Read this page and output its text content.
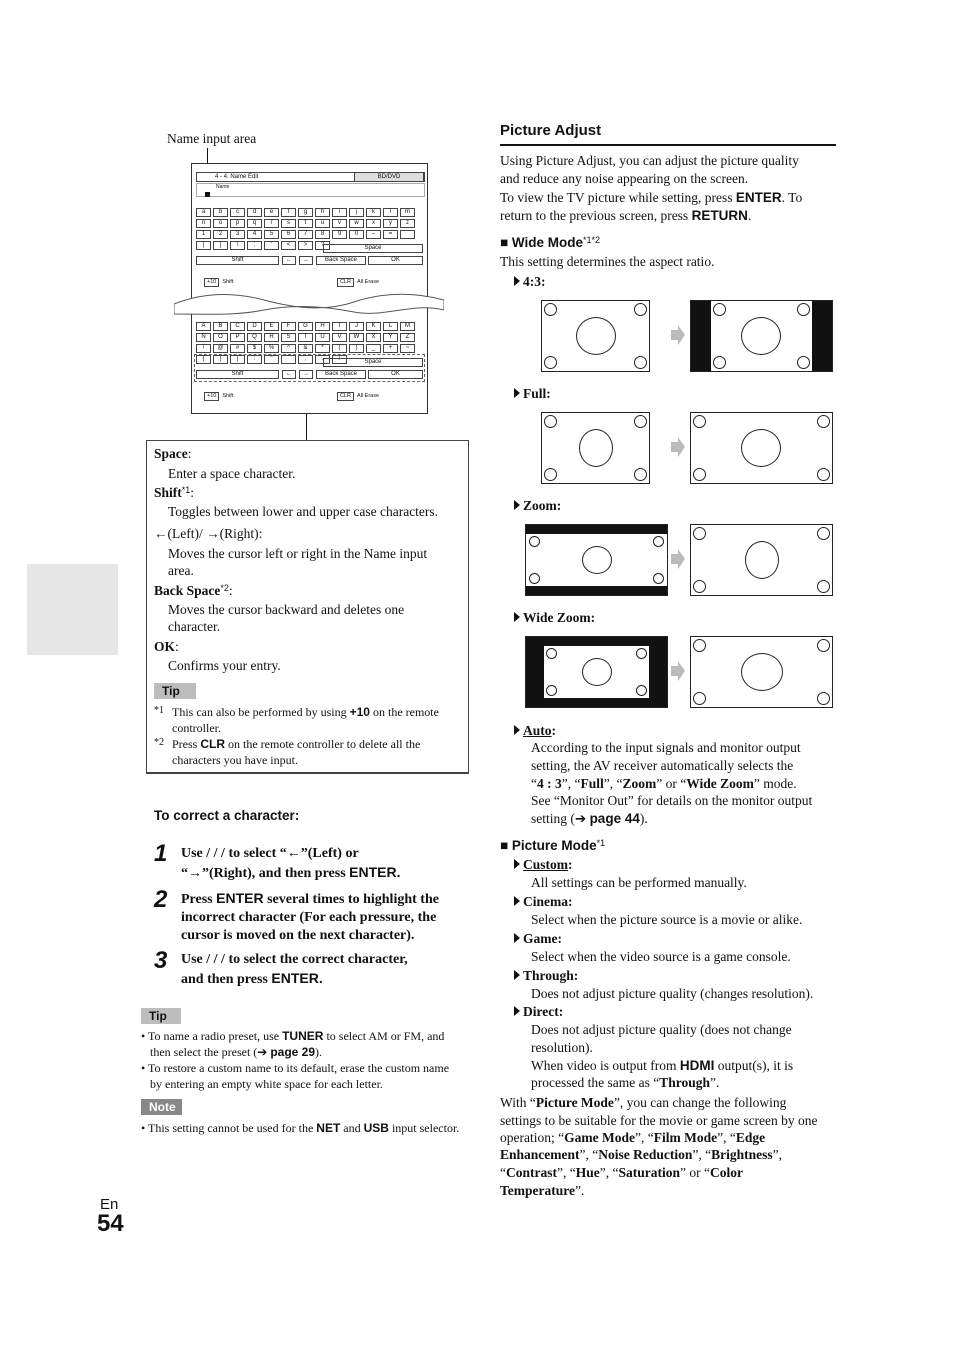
En
54
Name input area
4 - 4. Name Edit	BD/DVD
Name
a	b	c	d	e	f	g	h	i	j	k	l	m
n	o	p	q	r	s	t	u	v	w	x	y	z
1	2	3	4	5	6	7	8	9	0	–	=
[	]	\	;	'	<	>	?	Space
Shift	←	→	Back Space	OK
+10 Shift	CLR All Erase
A	B	C	D	E	F	G	H	I	J	K	L	M
N	O	P	Q	R	S	T	U	V	W	X	Y	Z
!	@	#	$	%	^	&	*	(	)	_	+	~
{	}	|	:	"	`	,	.	/	Space
Shift	←	→	Back Space	OK
+10 Shift	CLR All Erase

Space:

Enter a space character.

Shift$^{*1}$:

Toggles between lower and upper case characters.

←(Left)/ →(Right):

Moves the cursor left or right in the Name input

area.

Back Space$^{*2}$:

Moves the cursor backward and deletes one

character.

OK:

Confirms your entry.

Tip

*1 This can also be performed by using +10 on the remote

controller.

*2 Press CLR on the remote controller to delete all the

characters you have input.

To correct a character:
1 Use / / / to select “←”(Left) or
“→”(Right), and then press ENTER.
2 Press ENTER several times to highlight the
incorrect character (For each pressure, the
cursor is moved on the next character).
3 Use / / / to select the correct character,
and then press ENTER.
Tip
• To name a radio preset, use TUNER to select AM or FM, and
then select the preset (➔ page 29).
• To restore a custom name to its default, erase the custom name
by entering an empty white space for each letter.
Note
• This setting cannot be used for the NET and USB input selector.
Picture Adjust
Using Picture Adjust, you can adjust the picture quality
and reduce any noise appearing on the screen.
To view the TV picture while setting, press ENTER. To
return to the previous screen, press RETURN.
■ Wide Mode$^{*1*2}$
This setting determines the aspect ratio.
4:3:
Full:
Zoom:
Wide Zoom:
Auto:
According to the input signals and monitor output
setting, the AV receiver automatically selects the
“4 : 3”, “Full”, “Zoom” or “Wide Zoom” mode.
See “Monitor Out” for details on the monitor output
setting (➔ page 44).
■ Picture Mode$^{*1}$
Custom:
All settings can be performed manually.
Cinema:
Select when the picture source is a movie or alike.
Game:
Select when the video source is a game console.
Through:
Does not adjust picture quality (changes resolution).
Direct:
Does not adjust picture quality (does not change
resolution).
When video is output from HDMI output(s), it is
processed the same as “Through”.
With “Picture Mode”, you can change the following
settings to be suitable for the movie or game screen by one
operation; “Game Mode”, “Film Mode”, “Edge
Enhancement”, “Noise Reduction”, “Brightness”,
“Contrast”, “Hue”, “Saturation” or “Color
Temperature”.
